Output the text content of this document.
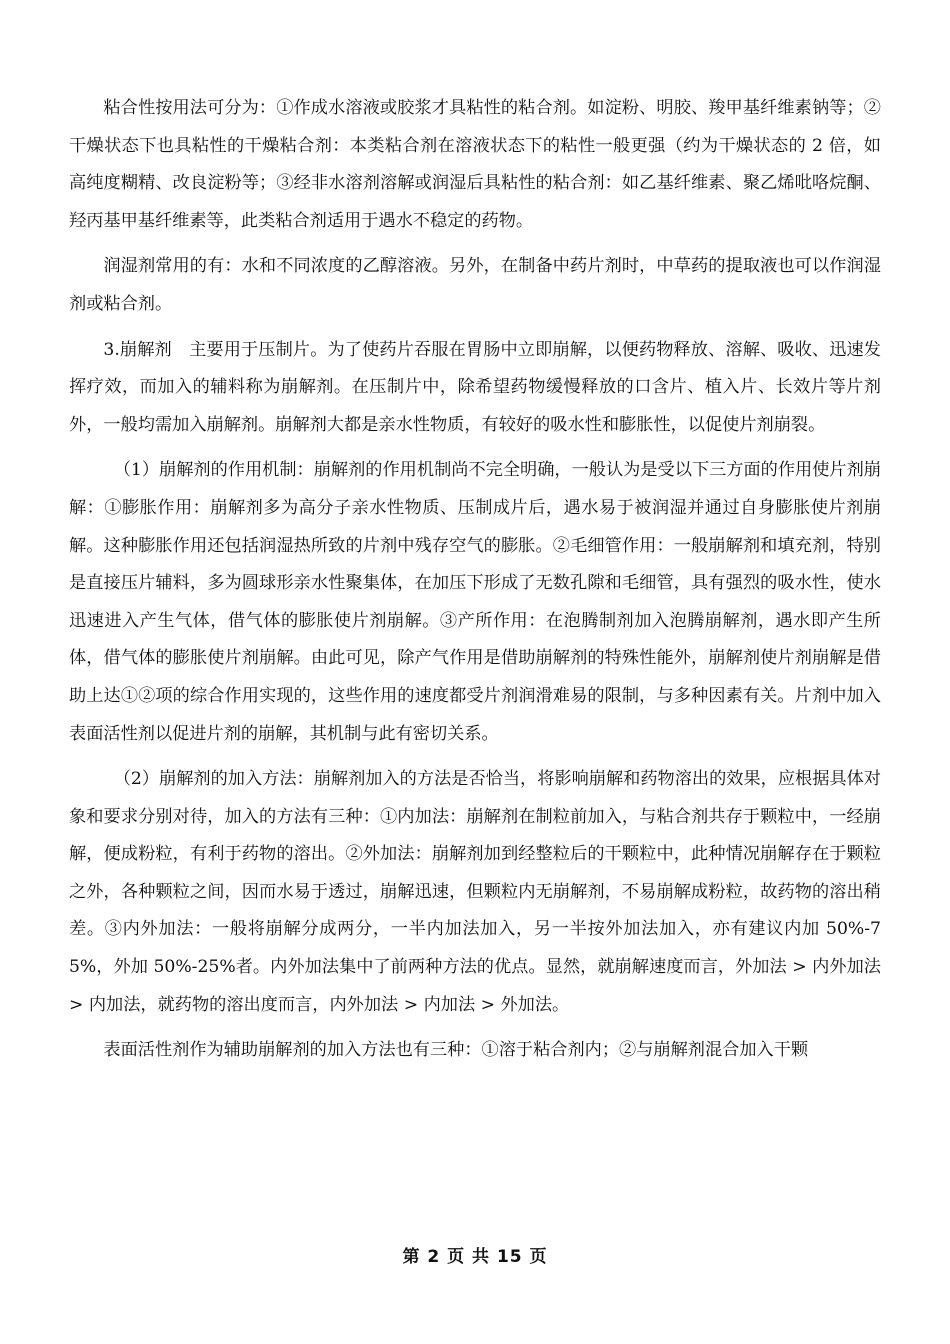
粘合性按用法可分为：①作成水溶液或胶浆才具粘性的粘合剂。如淀粉、明胶、羧甲基纤维素钠等；②干燥状态下也具粘性的干燥粘合剂：本类粘合剂在溶液状态下的粘性一般更强（约为干燥状态的 2 倍，如高纯度糊精、改良淀粉等；③经非水溶剂溶解或润湿后具粘性的粘合剂：如乙基纤维素、聚乙烯吡咯烷酮、羟丙基甲基纤维素等，此类粘合剂适用于遇水不稳定的药物。

润湿剂常用的有：水和不同浓度的乙醇溶液。另外，在制备中药片剂时，中草药的提取液也可以作润湿剂或粘合剂。

3.崩解剂　主要用于压制片。为了使药片吞服在胃肠中立即崩解，以便药物释放、溶解、吸收、迅速发挥疗效，而加入的辅料称为崩解剂。在压制片中，除希望药物缓慢释放的口含片、植入片、长效片等片剂外，一般均需加入崩解剂。崩解剂大都是亲水性物质，有较好的吸水性和膨胀性，以促使片剂崩裂。

（1）崩解剂的作用机制：崩解剂的作用机制尚不完全明确，一般认为是受以下三方面的作用使片剂崩解：①膨胀作用：崩解剂多为高分子亲水性物质、压制成片后，遇水易于被润湿并通过自身膨胀使片剂崩解。这种膨胀作用还包括润湿热所致的片剂中残存空气的膨胀。②毛细管作用：一般崩解剂和填充剂，特别是直接压片辅料，多为圆球形亲水性聚集体，在加压下形成了无数孔隙和毛细管，具有强烈的吸水性，使水迅速进入产生气体，借气体的膨胀使片剂崩解。③产所作用：在泡腾制剂加入泡腾崩解剂，遇水即产生所体，借气体的膨胀使片剂崩解。由此可见，除产气作用是借助崩解剂的特殊性能外，崩解剂使片剂崩解是借助上达①②项的综合作用实现的，这些作用的速度都受片剂润滑难易的限制，与多种因素有关。片剂中加入表面活性剂以促进片剂的崩解，其机制与此有密切关系。

（2）崩解剂的加入方法：崩解剂加入的方法是否恰当，将影响崩解和药物溶出的效果，应根据具体对象和要求分别对待，加入的方法有三种：①内加法：崩解剂在制粒前加入，与粘合剂共存于颗粒中，一经崩解，便成粉粒，有利于药物的溶出。②外加法：崩解剂加到经整粒后的干颗粒中，此种情况崩解存在于颗粒之外，各种颗粒之间，因而水易于透过，崩解迅速，但颗粒内无崩解剂，不易崩解成粉粒，故药物的溶出稍差。③内外加法：一般将崩解分成两分，一半内加法加入，另一半按外加法加入，亦有建议内加 50%-75%，外加 50%-25%者。内外加法集中了前两种方法的优点。显然，就崩解速度而言，外加法 > 内外加法 > 内加法，就药物的溶出度而言，内外加法 > 内加法 > 外加法。

表面活性剂作为辅助崩解剂的加入方法也有三种：①溶于粘合剂内；②与崩解剂混合加入干颗

第 2 页 共 15 页
